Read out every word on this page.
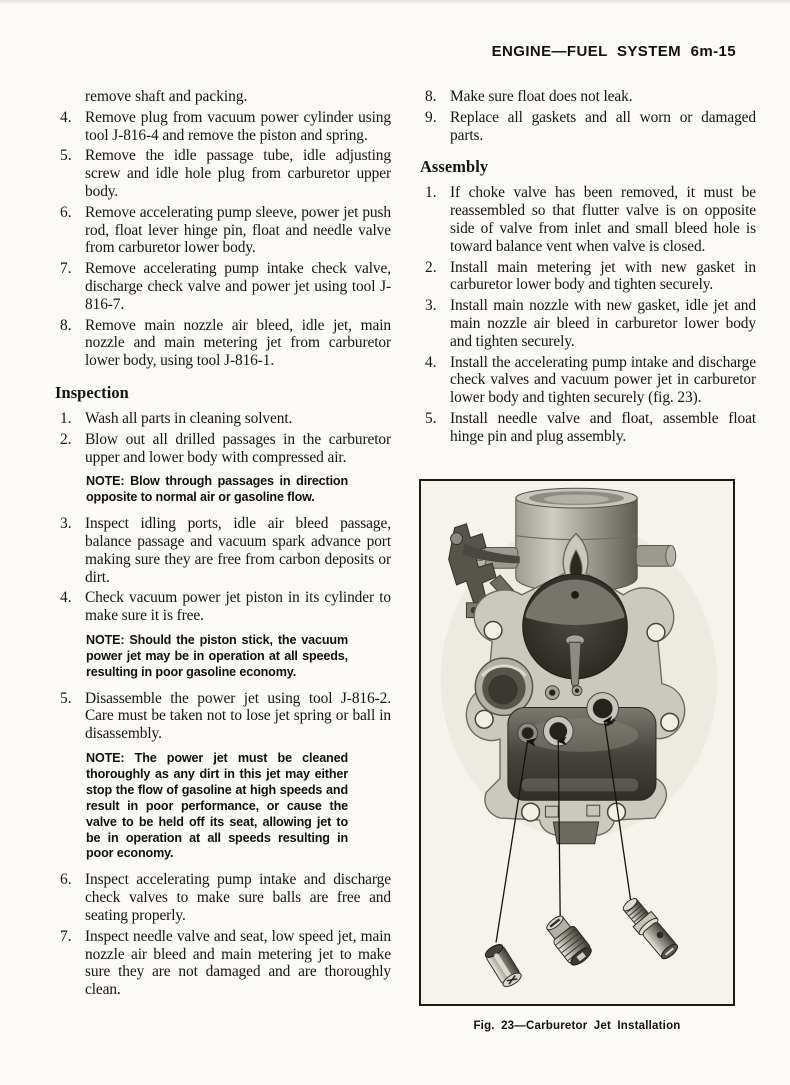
ENGINE—FUEL SYSTEM 6m-15

remove shaft and packing.

4. Remove plug from vacuum power cylinder using tool J-816-4 and remove the piston and spring.
5. Remove the idle passage tube, idle adjusting screw and idle hole plug from carburetor upper body.
6. Remove accelerating pump sleeve, power jet push rod, float lever hinge pin, float and needle valve from carburetor lower body.
7. Remove accelerating pump intake check valve, discharge check valve and power jet using tool J-816-7.
8. Remove main nozzle air bleed, idle jet, main nozzle and main metering jet from carburetor lower body, using tool J-816-1.
Inspection
1. Wash all parts in cleaning solvent.
2. Blow out all drilled passages in the carburetor upper and lower body with compressed air.

NOTE: Blow through passages in direction opposite to normal air or gasoline flow.

3. Inspect idling ports, idle air bleed passage, balance passage and vacuum spark advance port making sure they are free from carbon deposits or dirt.
4. Check vacuum power jet piston in its cylinder to make sure it is free.

NOTE: Should the piston stick, the vacuum power jet may be in operation at all speeds, resulting in poor gasoline economy.

5. Disassemble the power jet using tool J-816-2. Care must be taken not to lose jet spring or ball in disassembly.

NOTE: The power jet must be cleaned thoroughly as any dirt in this jet may either stop the flow of gasoline at high speeds and result in poor performance, or cause the valve to be held off its seat, allowing jet to be in operation at all speeds resulting in poor economy.

6. Inspect accelerating pump intake and discharge check valves to make sure balls are free and seating properly.
7. Inspect needle valve and seat, low speed jet, main nozzle air bleed and main metering jet to make sure they are not damaged and are thoroughly clean.
8. Make sure float does not leak.
9. Replace all gaskets and all worn or damaged parts.
Assembly
1. If choke valve has been removed, it must be reassembled so that flutter valve is on opposite side of valve from inlet and small bleed hole is toward balance vent when valve is closed.
2. Install main metering jet with new gasket in carburetor lower body and tighten securely.
3. Install main nozzle with new gasket, idle jet and main nozzle air bleed in carburetor lower body and tighten securely.
4. Install the accelerating pump intake and discharge check valves and vacuum power jet in carburetor lower body and tighten securely (fig. 23).
5. Install needle valve and float, assemble float hinge pin and plug assembly.
Fig. 23—Carburetor Jet Installation
